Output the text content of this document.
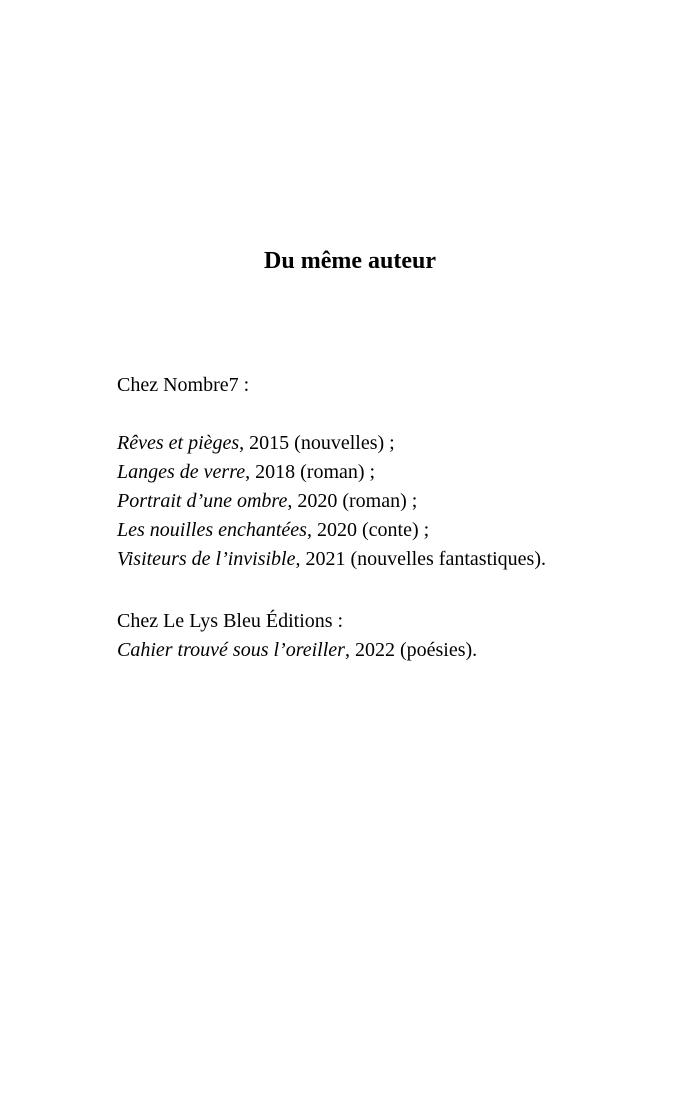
Du même auteur

Chez Nombre7 :

Rêves et pièges, 2015 (nouvelles) ;
Langes de verre, 2018 (roman) ;
Portrait d’une ombre, 2020 (roman) ;
Les nouilles enchantées, 2020 (conte) ;
Visiteurs de l’invisible, 2021 (nouvelles fantastiques).

Chez Le Lys Bleu Éditions :

Cahier trouvé sous l’oreiller, 2022 (poésies).
